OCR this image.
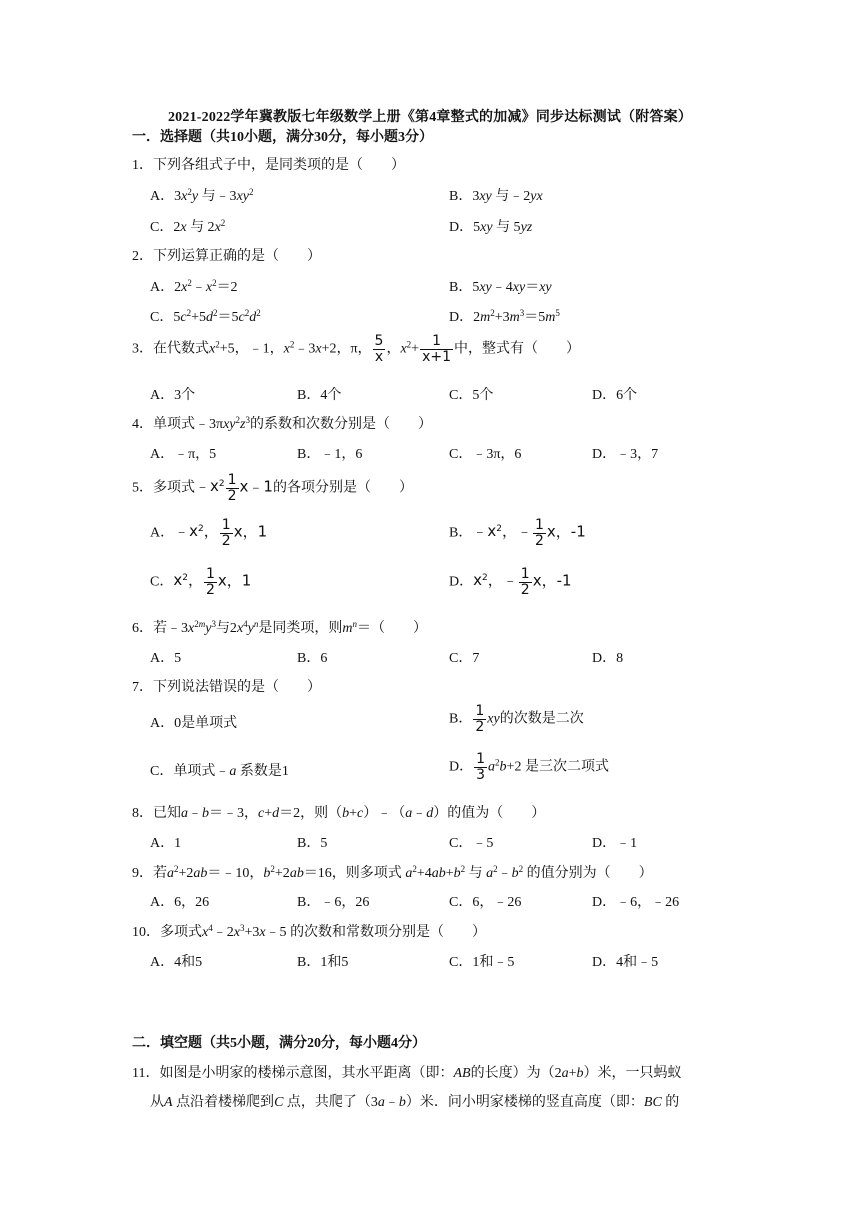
2021-2022学年冀教版七年级数学上册《第4章整式的加减》同步达标测试（附答案）
一．选择题（共10小题，满分30分，每小题3分）
1．下列各组式子中，是同类项的是（　　）
A．$3x^2y$ 与$﹣3xy^2$	B．3xy 与﹣2yx
C．2x 与 $2x^2$	D．5xy 与 5yz
2．下列运算正确的是（　　）
A．$2x^2﹣x^2=2$	B．5xy﹣4xy＝xy
C．$5c^2+5d^2=5c^2d^2$	D．$2m^2+3m^3=5m^5$
3．在代数式$x^2+5$，﹣1，$x^2﹣3x+2$，π， $\frac{5}{x}$ ，$x^2+ \frac{1}{x+1}$ 中，整式有（　　）
A．3个	B．4个	C．5个	D．6个
4．单项式$﹣3\pi xy^2z^3$的系数和次数分别是（　　）
A．﹣π，5	B．﹣1，6	C．﹣3π，6	D．﹣3，7
5．多项式$﹣x^2 \frac{1}{2}$ x﹣1的各项分别是（　　）
A．$﹣x^2$， $\frac{1}{2}$ x，1	B．$﹣x^2$，﹣ $\frac{1}{2}$ x，-1
C．$x^2$， $\frac{1}{2}$ x，1	D．$x^2$，﹣ $\frac{1}{2}$ x，-1
6．若$﹣3x^{2m}y^3$与$2x^4y^n$是同类项，则$m^n=$（　　）
A．5	B．6	C．7	D．8
7．下列说法错误的是（　　）
A．0是单项式	B． $\frac{1}{2}$ xy的次数是二次
C．单项式﹣a 系数是1	D． $\frac{1}{3} a^2b+2$ 是三次二项式
8．已知a﹣b＝﹣3，c+d＝2，则（b+c）﹣（a﹣d）的值为（　　）
A．1	B．5	C．﹣5	D．﹣1
9．若$a^2+2ab=﹣10$，$b^2+2ab=16$，则多项式 $a^2+4ab+b^2$ 与 $a^2﹣b^2$ 的值分别为（　　）
A．6，26	B．﹣6，26	C．6，﹣26	D．﹣6，﹣26
10．多项式$x^4﹣2x^3+3x﹣5$ 的次数和常数项分别是（　　）
A．4和5	B．1和5	C．1和﹣5	D．4和﹣5
二．填空题（共5小题，满分20分，每小题4分）
11．如图是小明家的楼梯示意图，其水平距离（即：AB的长度）为（2a+b）米，一只蚂蚁
从A 点沿着楼梯爬到C 点，共爬了（3a﹣b）米．问小明家楼梯的竖直高度（即：BC 的
